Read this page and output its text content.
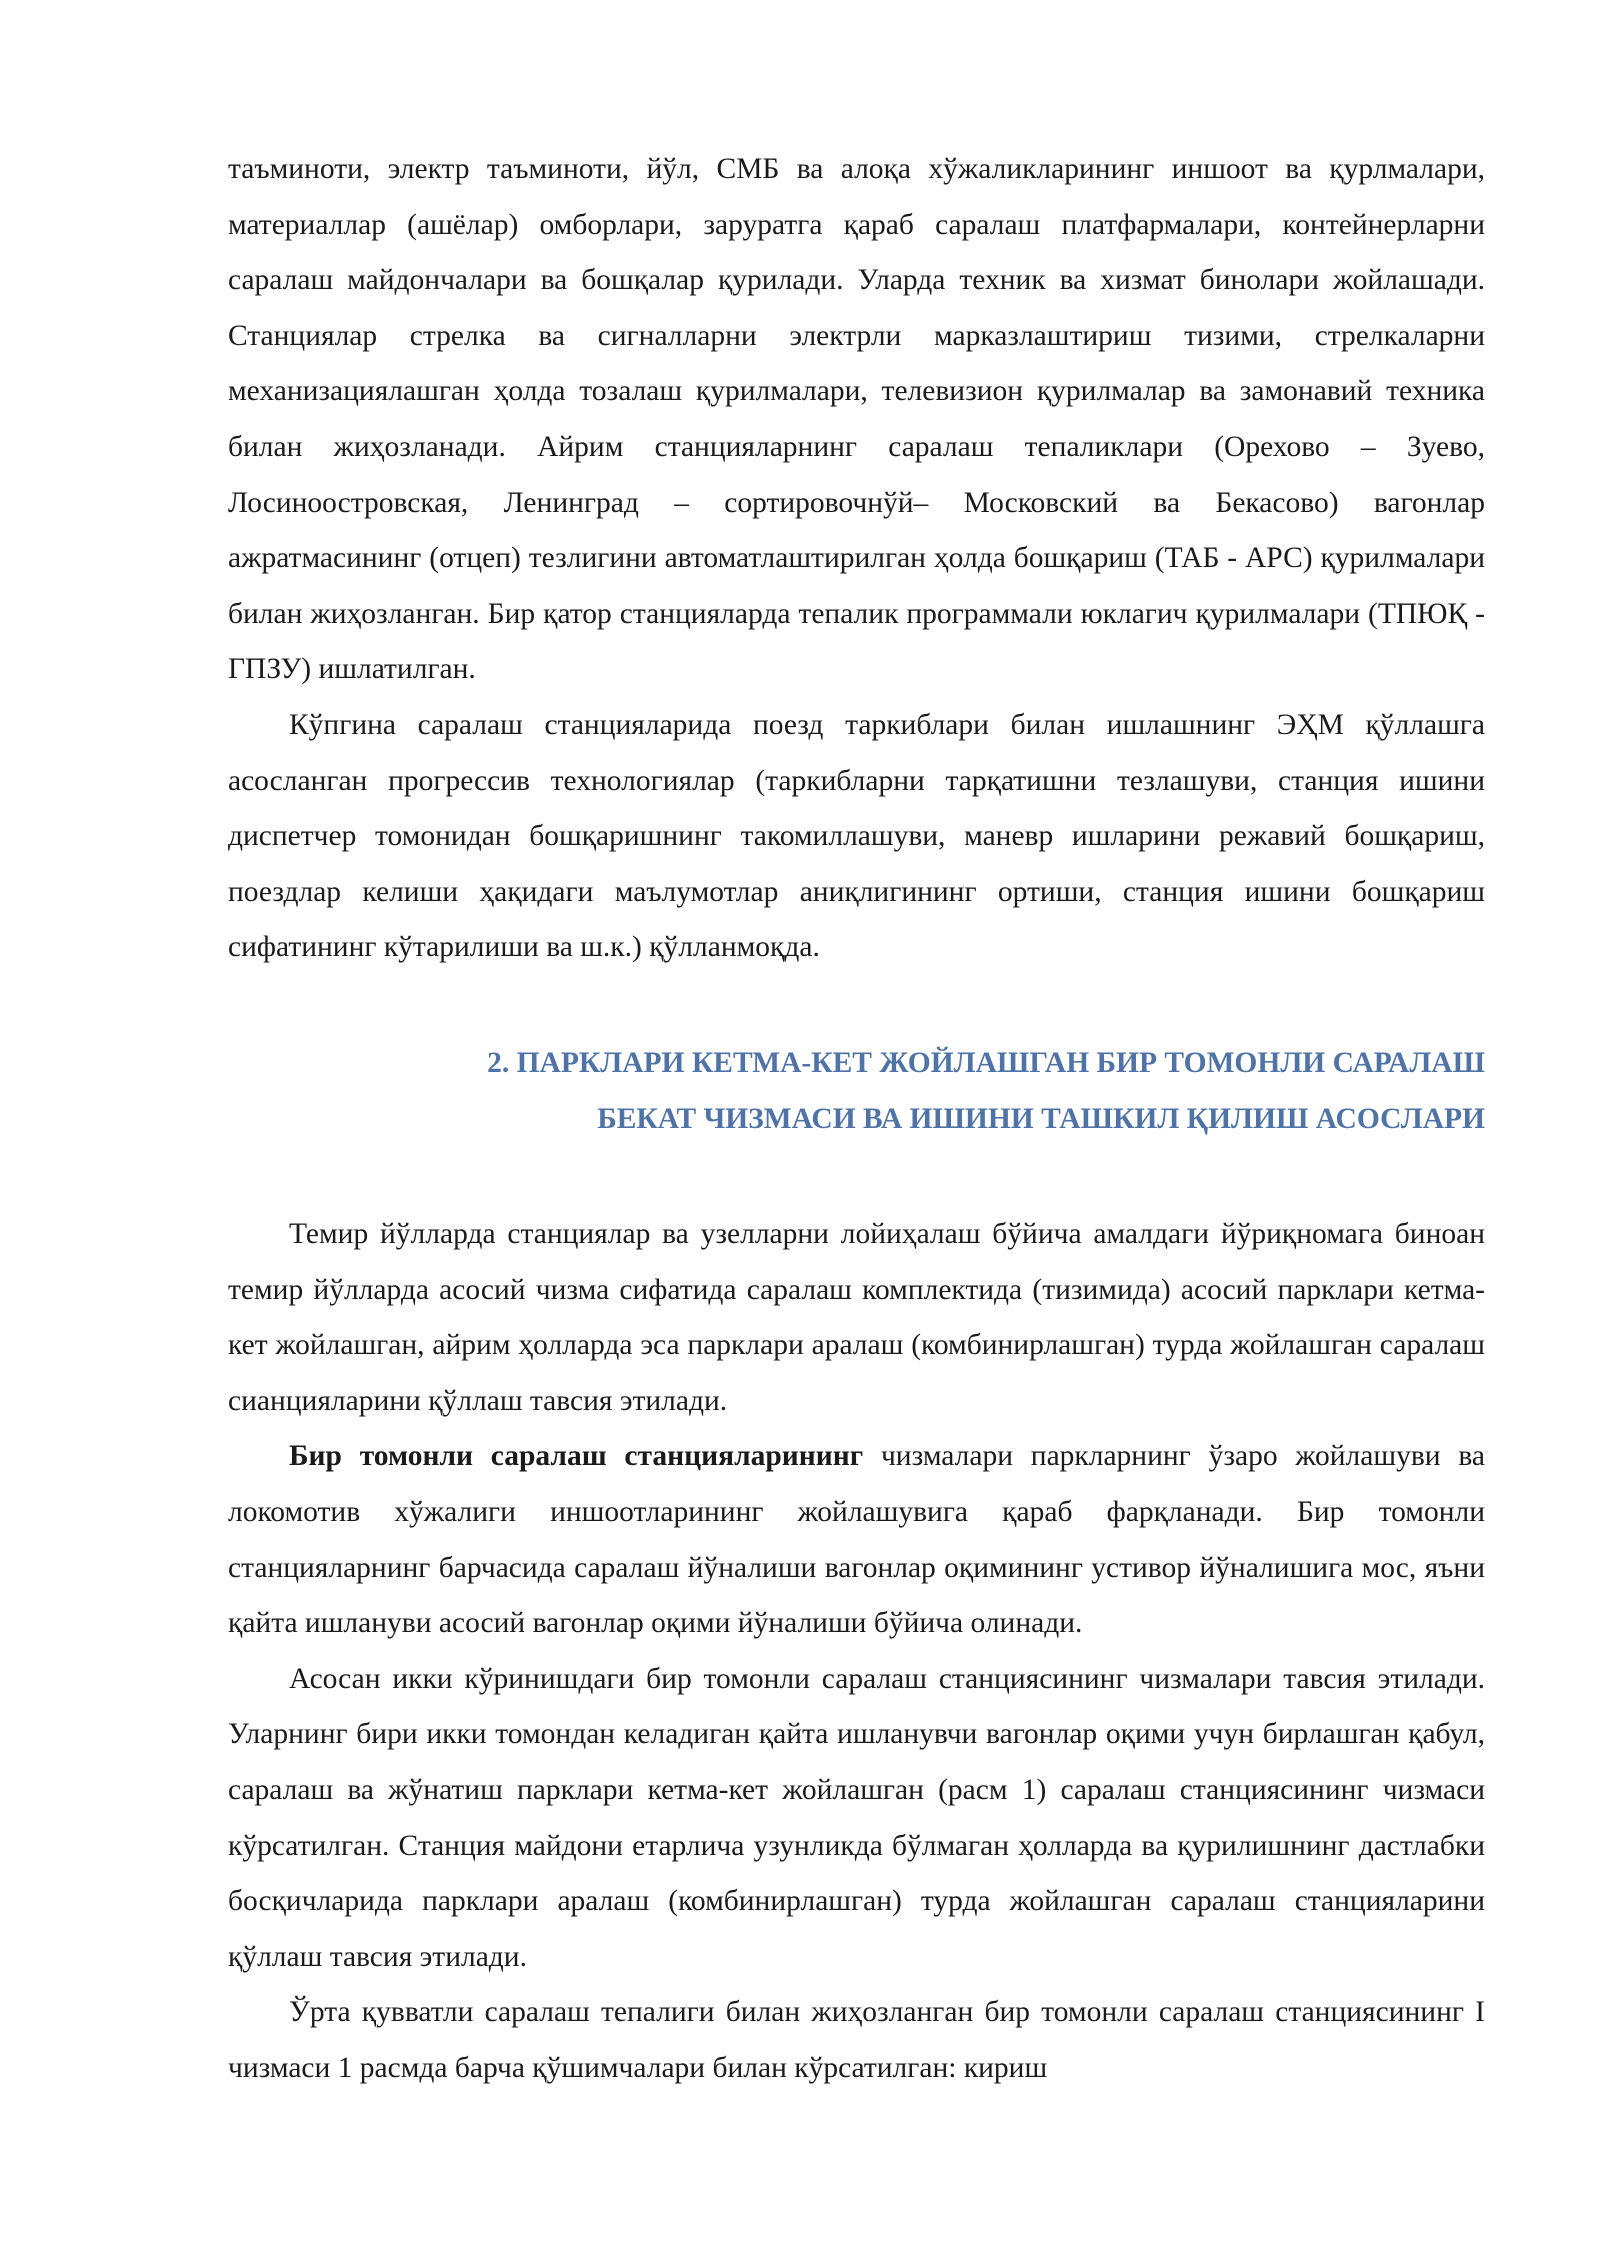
таъминоти, электр таъминоти, йўл, СМБ ва алоқа хўжаликларининг иншоот ва қурлмалари, материаллар (ашёлар) омборлари, заруратга қараб саралаш платфармалари, контейнерларни саралаш майдончалари ва бошқалар қурилади. Уларда техник ва хизмат бинолари жойлашади. Станциялар стрелка ва сигналларни электрли марказлаштириш тизими, стрелкаларни механизациялашган ҳолда тозалаш қурилмалари, телевизион қурилмалар ва замонавий техника билан жиҳозланади. Айрим станцияларнинг саралаш тепаликлари (Орехово – Зуево, Лосиноостровская, Ленинград – сортировочнўй– Московский ва Бекасово) вагонлар ажратмасининг (отцеп) тезлигини автоматлаштирилган ҳолда бошқариш (ТАБ - АРС) қурилмалари билан жиҳозланган. Бир қатор станцияларда тепалик программали юклагич қурилмалари (ТПЮҚ - ГПЗУ) ишлатилган.

Кўпгина саралаш станцияларида поезд таркиблари билан ишлашнинг ЭҲМ қўллашга асосланган прогрессив технологиялар (таркибларни тарқатишни тезлашуви, станция ишини диспетчер томонидан бошқаришнинг такомиллашуви, маневр ишларини режавий бошқариш, поездлар келиши ҳақидаги маълумотлар аниқлигининг ортиши, станция ишини бошқариш сифатининг кўтарилиши ва ш.к.) қўлланмоқда.

2. ПАРКЛАРИ КЕТМА-КЕТ ЖОЙЛАШГАН БИР ТОМОНЛИ САРАЛАШ
БЕКАТ ЧИЗМАСИ ВА ИШИНИ ТАШКИЛ ҚИЛИШ АСОСЛАРИ

Темир йўлларда станциялар ва узелларни лойиҳалаш бўйича амалдаги йўриқномага биноан темир йўлларда асосий чизма сифатида саралаш комплектида (тизимида) асосий парклари кетма-кет жойлашган, айрим ҳолларда эса парклари аралаш (комбинирлашган) турда жойлашган саралаш сианцияларини қўллаш тавсия этилади.

Бир томонли саралаш станцияларининг чизмалари паркларнинг ўзаро жойлашуви ва локомотив хўжалиги иншоотларининг жойлашувига қараб фарқланади. Бир томонли станцияларнинг барчасида саралаш йўналиши вагонлар оқимининг устивор йўналишига мос, яъни қайта ишлануви асосий вагонлар оқими йўналиши бўйича олинади.

Асосан икки кўринишдаги бир томонли саралаш станциясининг чизмалари тавсия этилади. Уларнинг бири икки томондан келадиган қайта ишланувчи вагонлар оқими учун бирлашган қабул, саралаш ва жўнатиш парклари кетма-кет жойлашган (расм 1) саралаш станциясининг чизмаси кўрсатилган. Станция майдони етарлича узунликда бўлмаган ҳолларда ва қурилишнинг дастлабки босқичларида парклари аралаш (комбинирлашган) турда жойлашган саралаш станцияларини қўллаш тавсия этилади.

Ўрта қувватли саралаш тепалиги билан жиҳозланган бир томонли саралаш станциясининг I чизмаси 1 расмда барча қўшимчалари билан кўрсатилган: кириш
